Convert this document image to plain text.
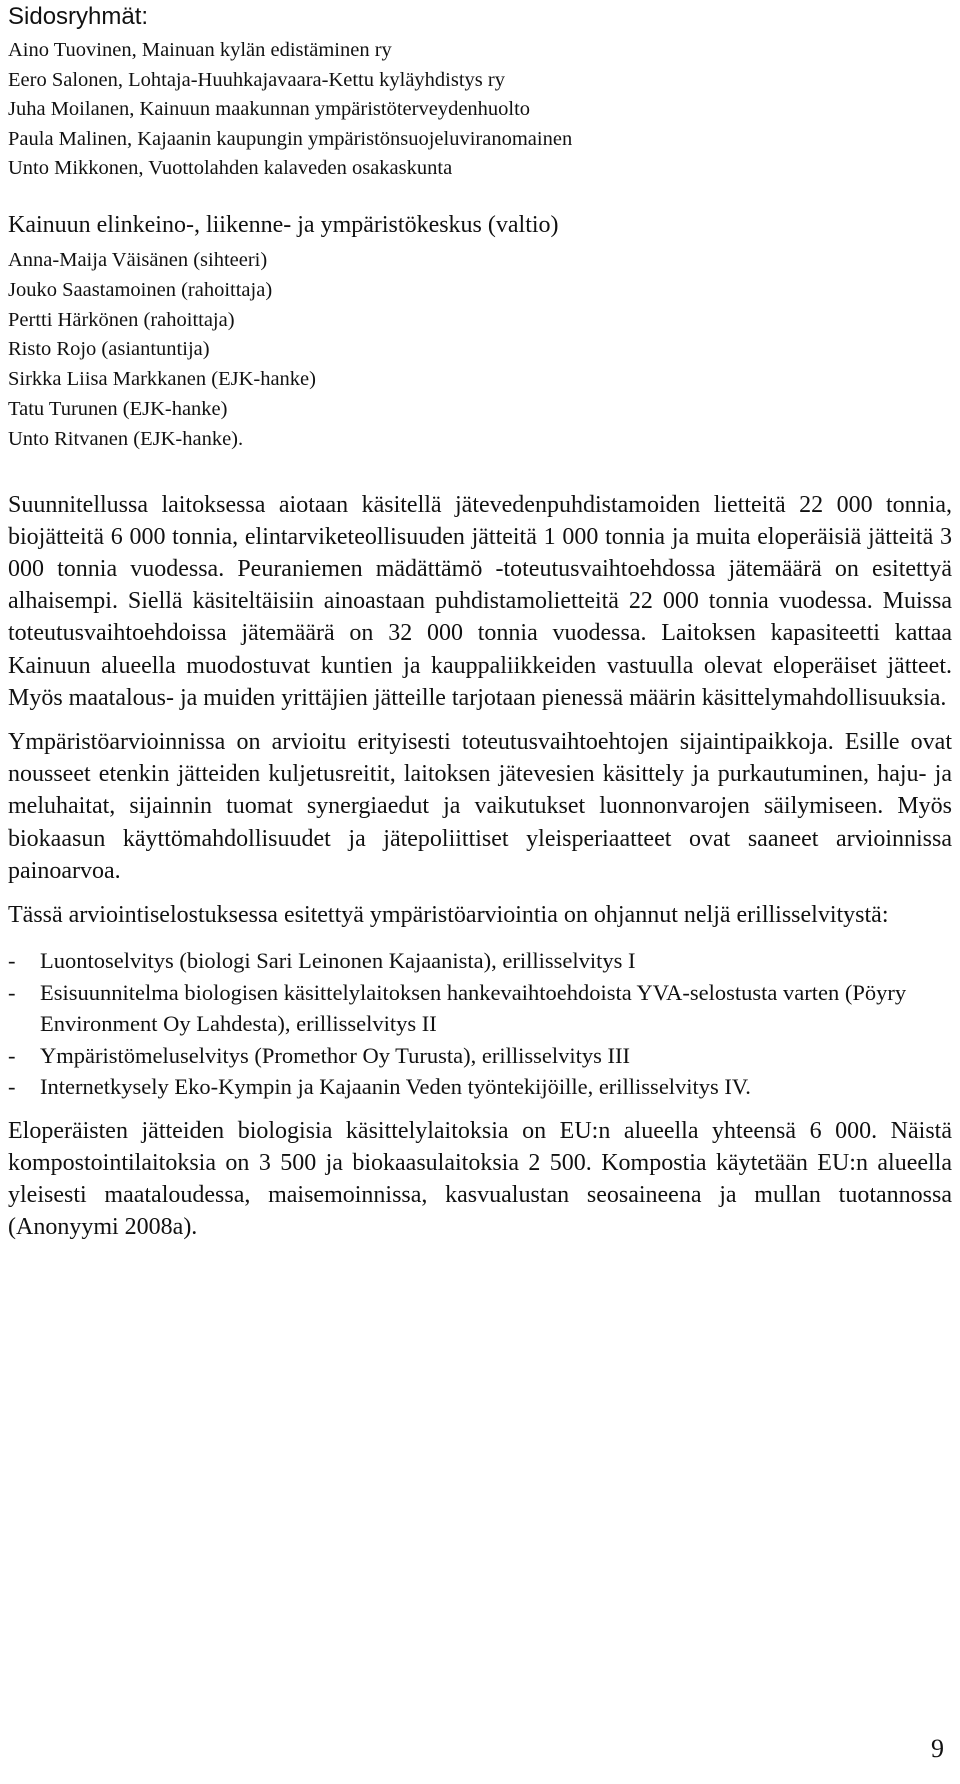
Sidosryhmät:
Aino Tuovinen, Mainuan kylän edistäminen ry
Eero Salonen, Lohtaja-Huuhkajavaara-Kettu kyläyhdistys ry
Juha Moilanen, Kainuun maakunnan ympäristöterveydenhuolto
Paula Malinen, Kajaanin kaupungin ympäristönsuojeluviranomainen
Unto Mikkonen, Vuottolahden kalaveden osakaskunta
Kainuun elinkeino-, liikenne- ja ympäristökeskus (valtio)
Anna-Maija Väisänen (sihteeri)
Jouko Saastamoinen (rahoittaja)
Pertti Härkönen (rahoittaja)
Risto Rojo (asiantuntija)
Sirkka Liisa Markkanen (EJK-hanke)
Tatu Turunen (EJK-hanke)
Unto Ritvanen (EJK-hanke).

Suunnitellussa laitoksessa aiotaan käsitellä jätevedenpuhdistamoiden lietteitä 22 000 tonnia, biojätteitä 6 000 tonnia, elintarviketeollisuuden jätteitä 1 000 tonnia ja muita eloperäisiä jätteitä 3 000 tonnia vuodessa. Peuraniemen mädättämö -toteutusvaihtoehdossa jätemäärä on esitettyä alhaisempi. Siellä käsiteltäisiin ainoastaan puhdistamolietteitä 22 000 tonnia vuodessa. Muissa toteutusvaihtoehdoissa jätemäärä on 32 000 tonnia vuodessa. Laitoksen kapasiteetti kattaa Kainuun alueella muodostuvat kuntien ja kauppaliikkeiden vastuulla olevat eloperäiset jätteet. Myös maatalous- ja muiden yrittäjien jätteille tarjotaan pienessä määrin käsittelymahdollisuuksia.

Ympäristöarvioinnissa on arvioitu erityisesti toteutusvaihtoehtojen sijaintipaikkoja. Esille ovat nousseet etenkin jätteiden kuljetusreitit, laitoksen jätevesien käsittely ja purkautuminen, haju- ja meluhaitat, sijainnin tuomat synergiaedut ja vaikutukset luonnonvarojen säilymiseen. Myös biokaasun käyttömahdollisuudet ja jätepoliittiset yleisperiaatteet ovat saaneet arvioinnissa painoarvoa.

Tässä arviointiselostuksessa esitettyä ympäristöarviointia on ohjannut neljä erillisselvitystä:

- Luontoselvitys (biologi Sari Leinonen Kajaanista), erillisselvitys I
- Esisuunnitelma biologisen käsittelylaitoksen hankevaihtoehdoista YVA-selostusta varten (Pöyry Environment Oy Lahdesta), erillisselvitys II
- Ympäristömeluselvitys (Promethor Oy Turusta), erillisselvitys III
- Internetkysely Eko-Kympin ja Kajaanin Veden työntekijöille, erillisselvitys IV.

Eloperäisten jätteiden biologisia käsittelylaitoksia on EU:n alueella yhteensä 6 000. Näistä kompostointilaitoksia on 3 500 ja biokaasulaitoksia 2 500. Kompostia käytetään EU:n alueella yleisesti maataloudessa, maisemoinnissa, kasvualustan seosaineena ja mullan tuotannossa (Anonyymi 2008a).

9
